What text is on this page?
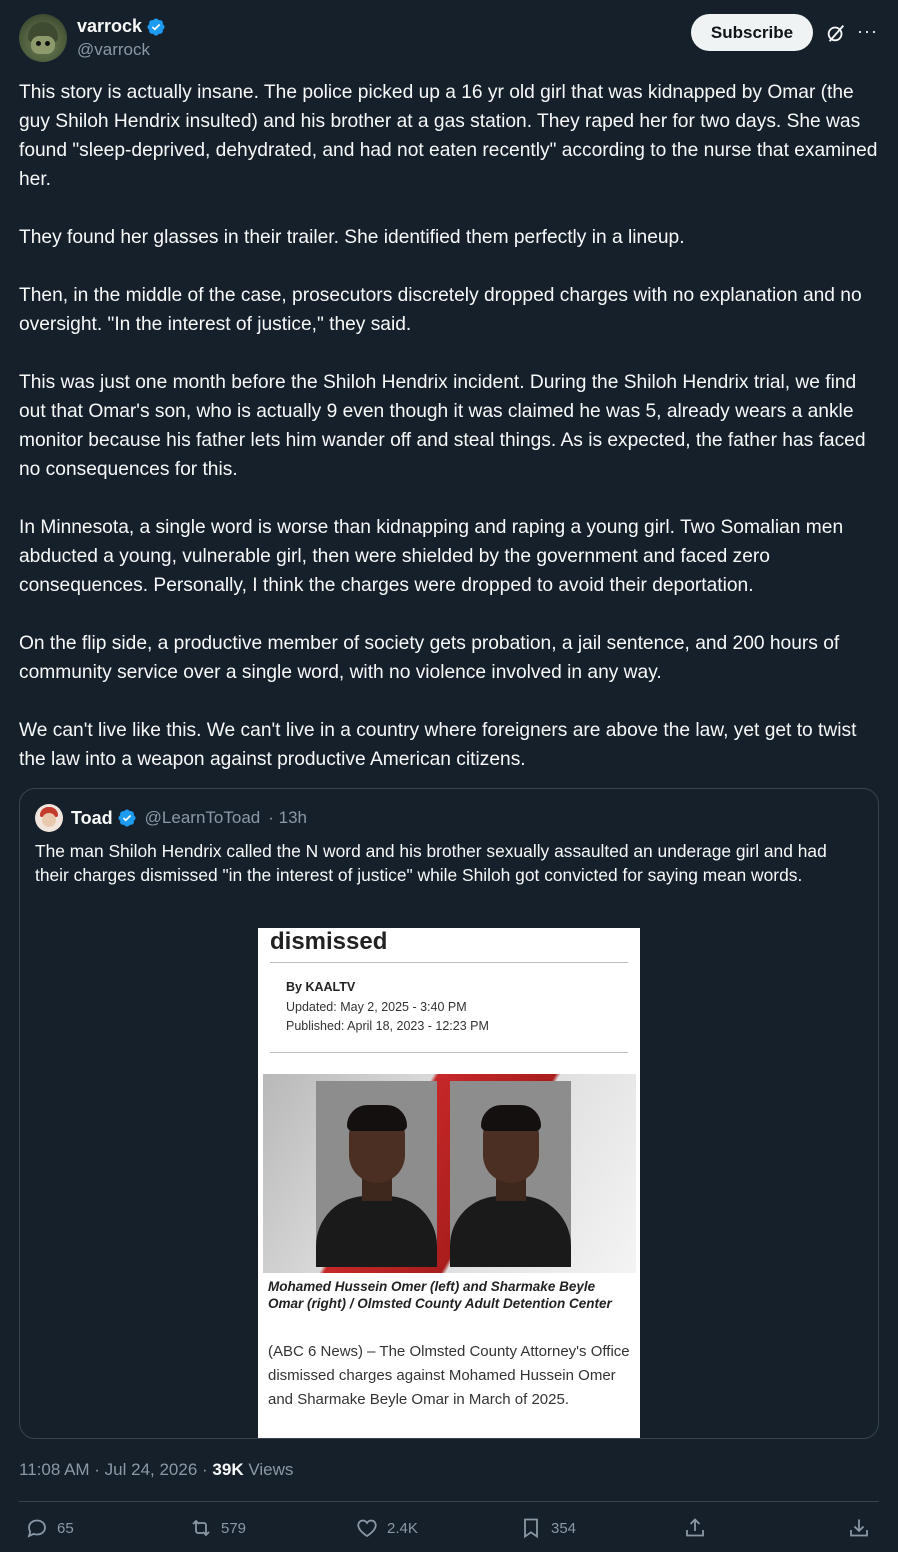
varrock
@varrock
Subscribe	···

This story is actually insane. The police picked up a 16 yr old girl that was kidnapped by Omar (the guy Shiloh Hendrix insulted) and his brother at a gas station. They raped her for two days. She was found "sleep-deprived, dehydrated, and had not eaten recently" according to the nurse that examined her.

They found her glasses in their trailer. She identified them perfectly in a lineup.

Then, in the middle of the case, prosecutors discretely dropped charges with no explanation and no oversight. "In the interest of justice," they said.

This was just one month before the Shiloh Hendrix incident. During the Shiloh Hendrix trial, we find out that Omar's son, who is actually 9 even though it was claimed he was 5, already wears a ankle monitor because his father lets him wander off and steal things. As is expected, the father has faced no consequences for this.

In Minnesota, a single word is worse than kidnapping and raping a young girl. Two Somalian men abducted a young, vulnerable girl, then were shielded by the government and faced zero consequences. Personally, I think the charges were dropped to avoid their deportation.

On the flip side, a productive member of society gets probation, a jail sentence, and 200 hours of community service over a single word, with no violence involved in any way.

We can't live like this. We can't live in a country where foreigners are above the law, yet get to twist the law into a weapon against productive American citizens.

Toad @LearnToToad · 13h
The man Shiloh Hendrix called the N word and his brother sexually assaulted an underage girl and had their charges dismissed "in the interest of justice" while Shiloh got convicted for saying mean words.
dismissed
By KAALTV
Updated: May 2, 2025 - 3:40 PM
Published: April 18, 2023 - 12:23 PM
Mohamed Hussein Omer (left) and Sharmake Beyle Omar (right) / Olmsted County Adult Detention Center
(ABC 6 News) – The Olmsted County Attorney's Office dismissed charges against Mohamed Hussein Omer and Sharmake Beyle Omar in March of 2025.
11:08 AM · Jul 24, 2026 · 39K Views
65	579	2.4K	354
